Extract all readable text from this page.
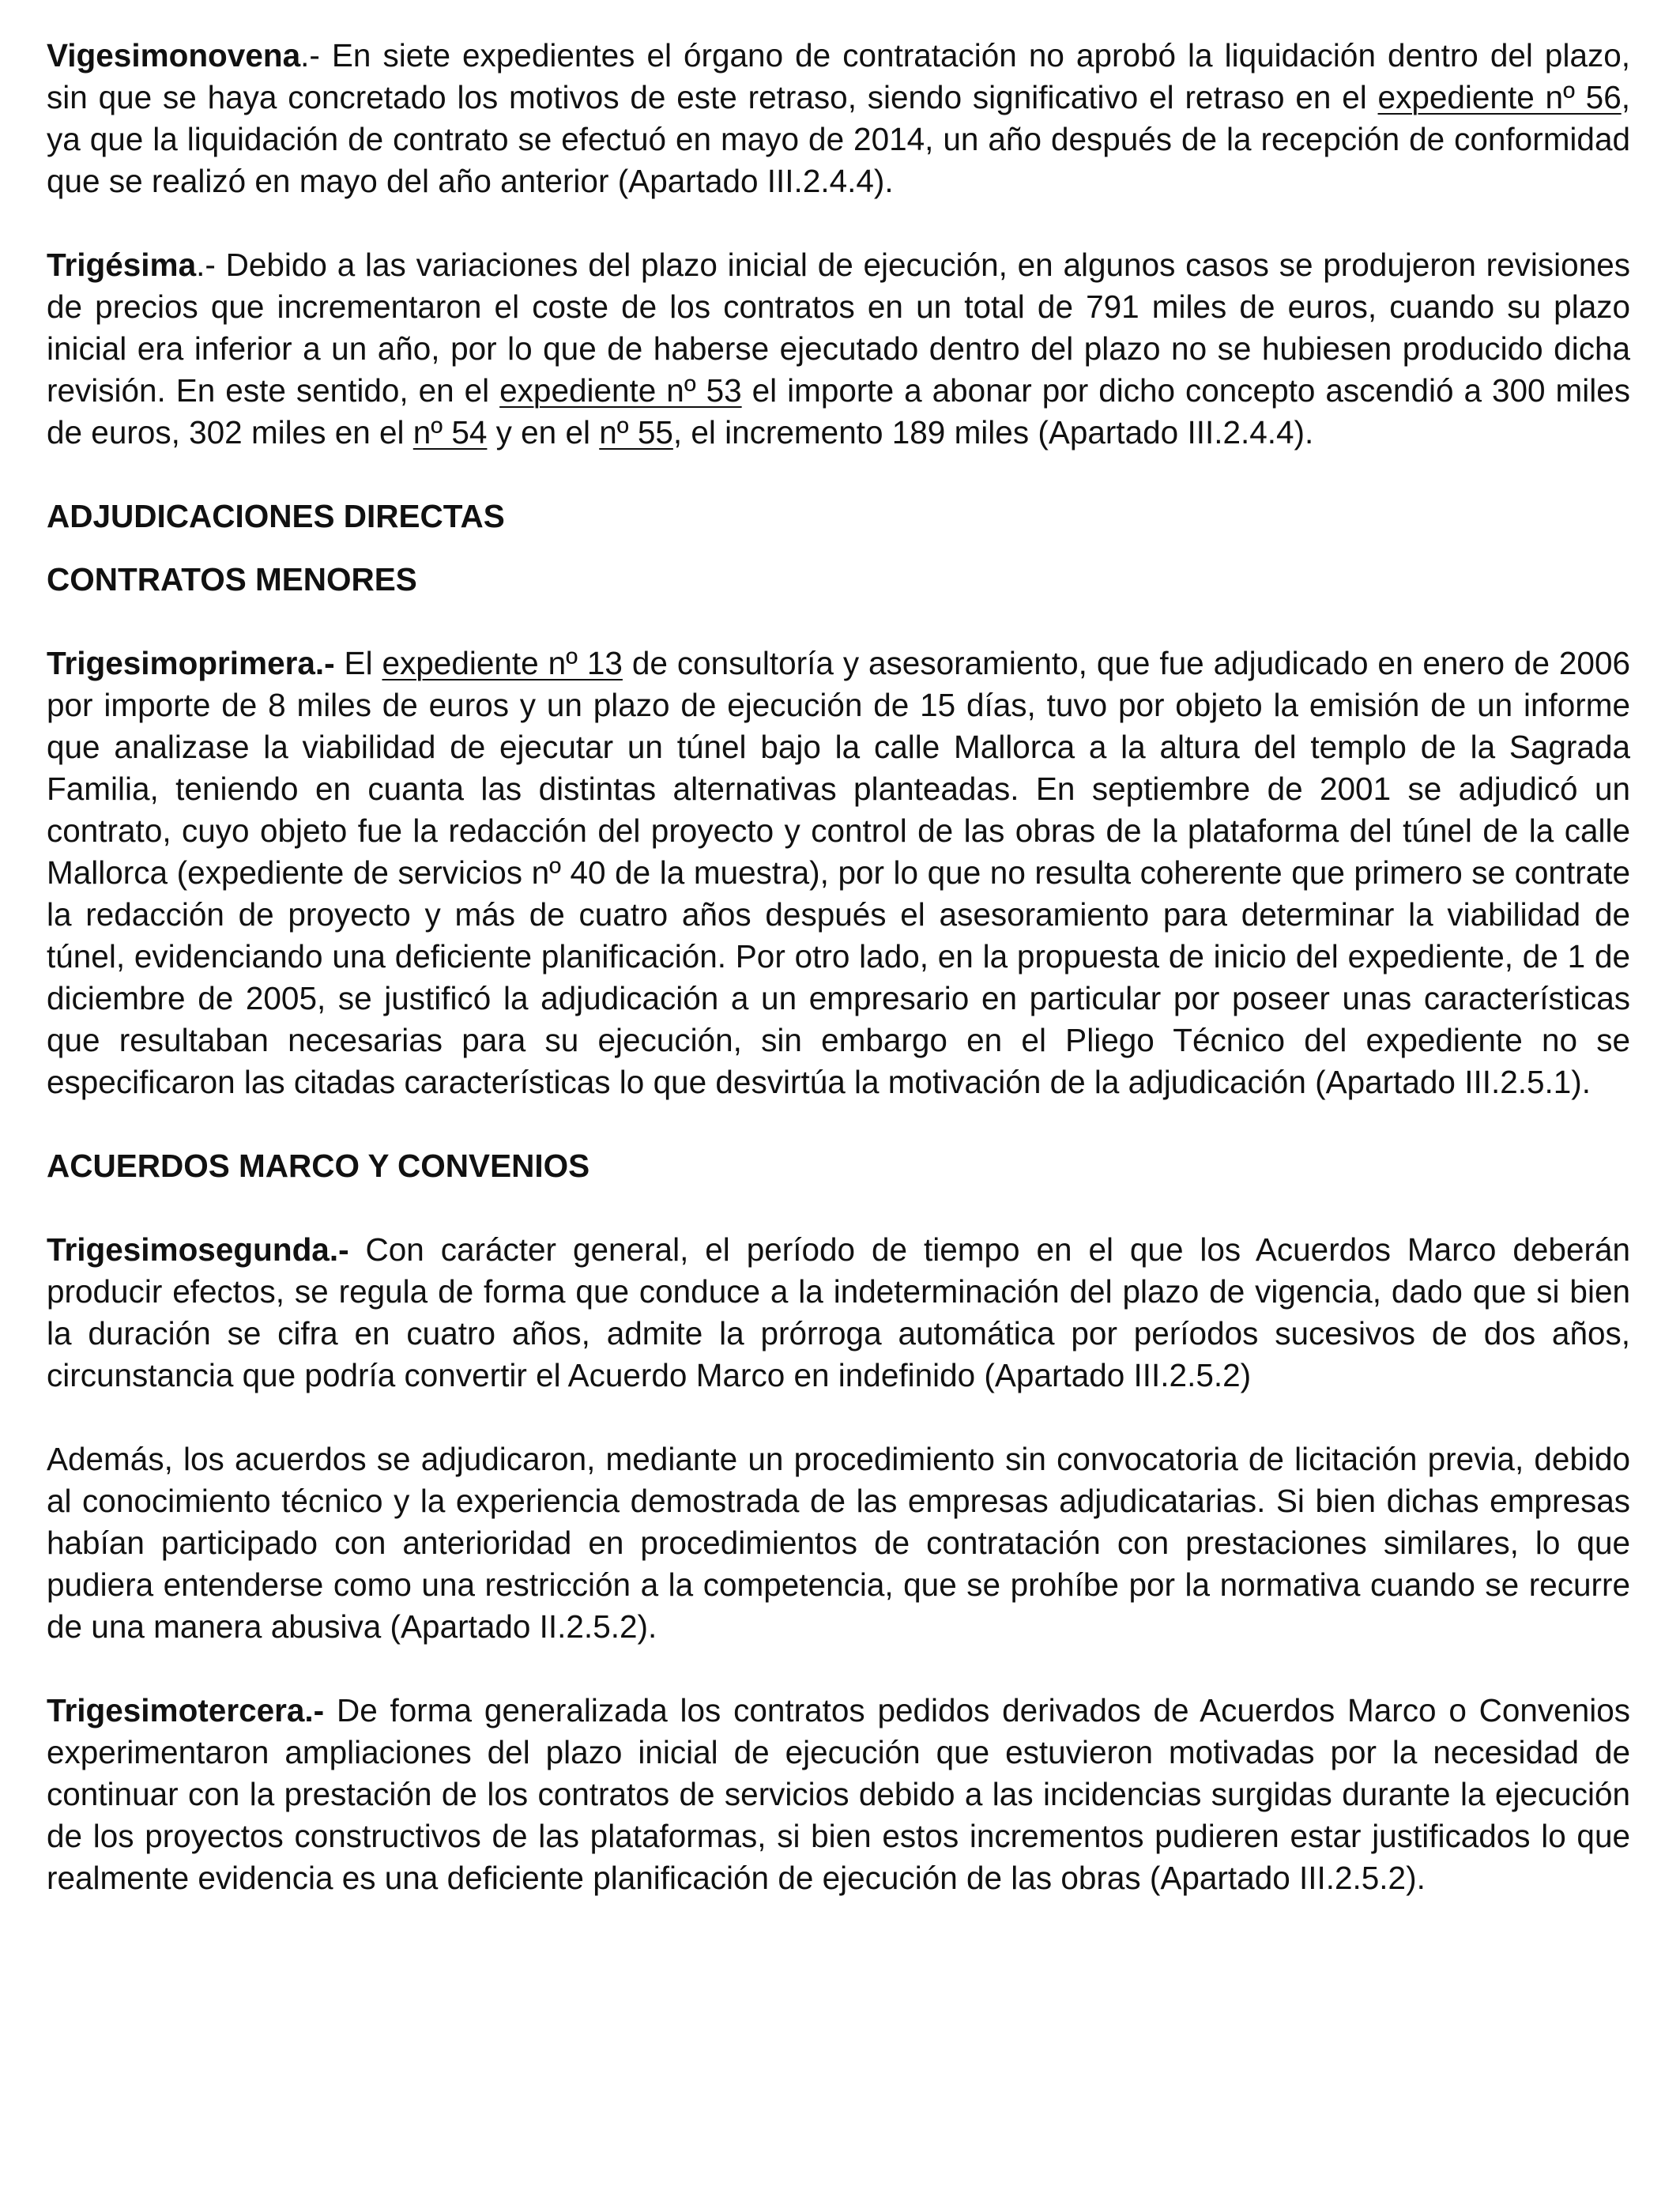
Vigesimonovena.- En siete expedientes el órgano de contratación no aprobó la liquidación dentro del plazo, sin que se haya concretado los motivos de este retraso, siendo significativo el retraso en el expediente nº 56, ya que la liquidación de contrato se efectuó en mayo de 2014, un año después de la recepción de conformidad que se realizó en mayo del año anterior (Apartado III.2.4.4).

Trigésima.- Debido a las variaciones del plazo inicial de ejecución, en algunos casos se produjeron revisiones de precios que incrementaron el coste de los contratos en un total de 791 miles de euros, cuando su plazo inicial era inferior a un año, por lo que de haberse ejecutado dentro del plazo no se hubiesen producido dicha revisión. En este sentido, en el expediente nº 53 el importe a abonar por dicho concepto ascendió a 300 miles de euros, 302 miles en el nº 54 y en el nº 55, el incremento 189 miles (Apartado III.2.4.4).

ADJUDICACIONES DIRECTAS
CONTRATOS MENORES

Trigesimoprimera.- El expediente nº 13 de consultoría y asesoramiento, que fue adjudicado en enero de 2006 por importe de 8 miles de euros y un plazo de ejecución de 15 días, tuvo por objeto la emisión de un informe que analizase la viabilidad de ejecutar un túnel bajo la calle Mallorca a la altura del templo de la Sagrada Familia, teniendo en cuanta las distintas alternativas planteadas. En septiembre de 2001 se adjudicó un contrato, cuyo objeto fue la redacción del proyecto y control de las obras de la plataforma del túnel de la calle Mallorca (expediente de servicios nº 40 de la muestra), por lo que no resulta coherente que primero se contrate la redacción de proyecto y más de cuatro años después el asesoramiento para determinar la viabilidad de túnel, evidenciando una deficiente planificación. Por otro lado, en la propuesta de inicio del expediente, de 1 de diciembre de 2005, se justificó la adjudicación a un empresario en particular por poseer unas características que resultaban necesarias para su ejecución, sin embargo en el Pliego Técnico del expediente no se especificaron las citadas características lo que desvirtúa la motivación de la adjudicación (Apartado III.2.5.1).

ACUERDOS MARCO Y CONVENIOS

Trigesimosegunda.- Con carácter general, el período de tiempo en el que los Acuerdos Marco deberán producir efectos, se regula de forma que conduce a la indeterminación del plazo de vigencia, dado que si bien la duración se cifra en cuatro años, admite la prórroga automática por períodos sucesivos de dos años, circunstancia que podría convertir el Acuerdo Marco en indefinido (Apartado III.2.5.2)

Además, los acuerdos se adjudicaron, mediante un procedimiento sin convocatoria de licitación previa, debido al conocimiento técnico y la experiencia demostrada de las empresas adjudicatarias. Si bien dichas empresas habían participado con anterioridad en procedimientos de contratación con prestaciones similares, lo que pudiera entenderse como una restricción a la competencia, que se prohíbe por la normativa cuando se recurre de una manera abusiva (Apartado II.2.5.2).

Trigesimotercera.- De forma generalizada los contratos pedidos derivados de Acuerdos Marco o Convenios experimentaron ampliaciones del plazo inicial de ejecución que estuvieron motivadas por la necesidad de continuar con la prestación de los contratos de servicios debido a las incidencias surgidas durante la ejecución de los proyectos constructivos de las plataformas, si bien estos incrementos pudieren estar justificados lo que realmente evidencia es una deficiente planificación de ejecución de las obras (Apartado III.2.5.2).
